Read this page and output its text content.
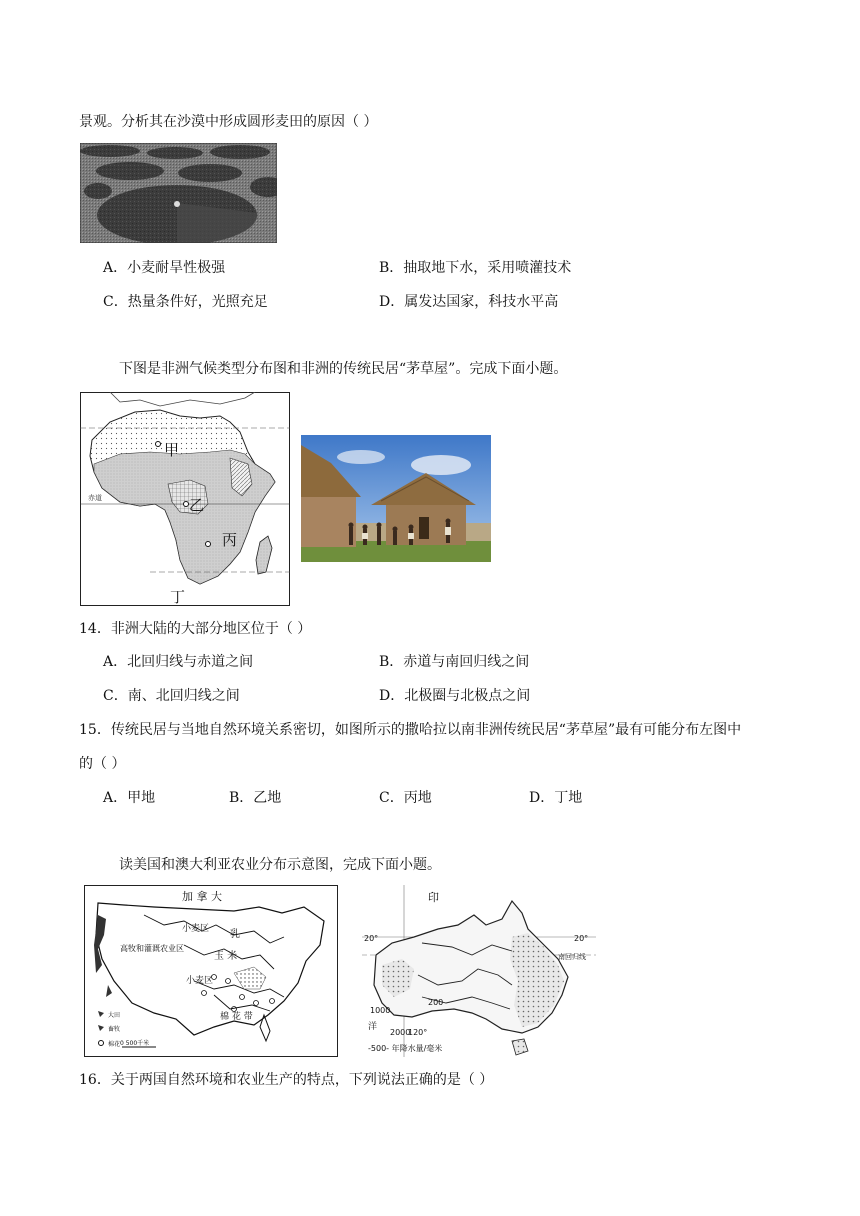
景观。分析其在沙漠中形成圆形麦田的原因（ ）
A．小麦耐旱性极强	B．抽取地下水，采用喷灌技术
C．热量条件好，光照充足	D．属发达国家，科技水平高
下图是非洲气候类型分布图和非洲的传统民居“茅草屋”。完成下面小题。
甲
乙
丙
丁
赤道
14．非洲大陆的大部分地区位于（ ）
A．北回归线与赤道之间	B．赤道与南回归线之间
C．南、北回归线之间	D．北极圈与北极点之间
15．传统民居与当地自然环境关系密切，如图所示的撒哈拉以南非洲传统民居“茅草屋”最有可能分布左图中
的（ ）
A．甲地	B．乙地	C．丙地	D．丁地
读美国和澳大利亚农业分布示意图，完成下面小题。
加 拿 大
小麦区
高牧和灌溉农业区
乳
玉 米
小麦区
棉 花 带
大田
畜牧
棉花 0 500千米
印
20°	20°
南回归线
1000
200
2000
120°
洋
-500- 年降水量/毫米
16．关于两国自然环境和农业生产的特点，下列说法正确的是（ ）
